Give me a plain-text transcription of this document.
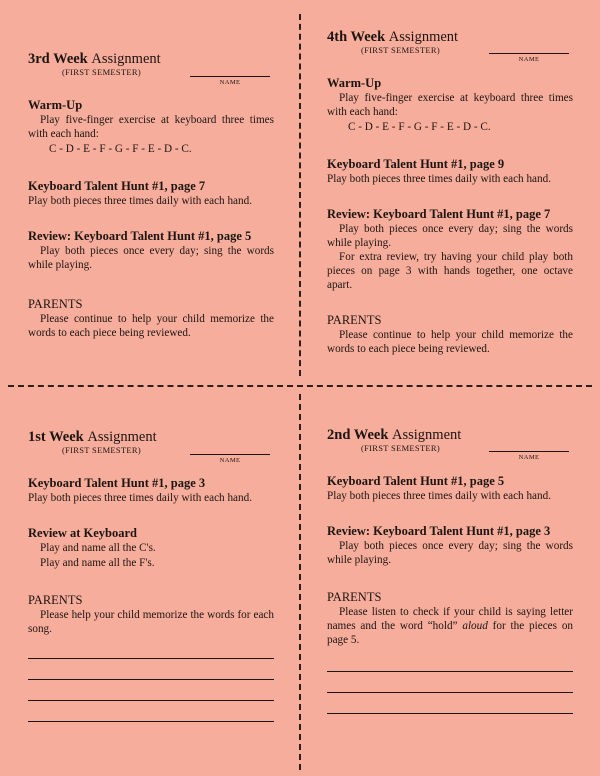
3rd Week Assignment
(FIRST SEMESTER)
NAME
Warm-Up
Play five-finger exercise at keyboard three times with each hand:
C - D - E - F - G - F - E - D - C.
Keyboard Talent Hunt #1, page 7
Play both pieces three times daily with each hand.
Review: Keyboard Talent Hunt #1, page 5
Play both pieces once every day; sing the words while playing.
PARENTS
Please continue to help your child memorize the words to each piece being reviewed.
4th Week Assignment
(FIRST SEMESTER)
NAME
Warm-Up
Play five-finger exercise at keyboard three times with each hand:
C - D - E - F - G - F - E - D - C.
Keyboard Talent Hunt #1, page 9
Play both pieces three times daily with each hand.
Review: Keyboard Talent Hunt #1, page 7
Play both pieces once every day; sing the words while playing.
For extra review, try having your child play both pieces on page 3 with hands together, one octave apart.
PARENTS
Please continue to help your child memorize the words to each piece being reviewed.
1st Week Assignment
(FIRST SEMESTER)
NAME
Keyboard Talent Hunt #1, page 3
Play both pieces three times daily with each hand.
Review at Keyboard
Play and name all the C's.
Play and name all the F's.
PARENTS
Please help your child memorize the words for each song.
2nd Week Assignment
(FIRST SEMESTER)
NAME
Keyboard Talent Hunt #1, page 5
Play both pieces three times daily with each hand.
Review: Keyboard Talent Hunt #1, page 3
Play both pieces once every day; sing the words while playing.
PARENTS
Please listen to check if your child is saying letter names and the word “hold” aloud for the pieces on page 5.
